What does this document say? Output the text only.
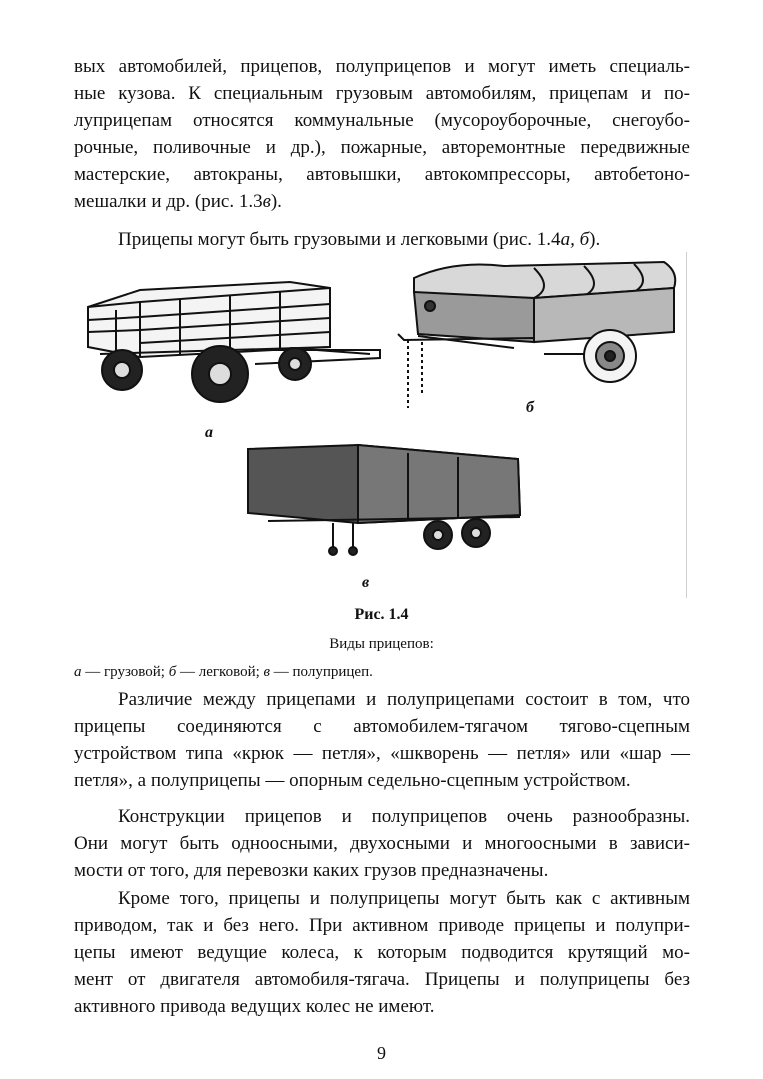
вых автомобилей, прицепов, полуприцепов и могут иметь специаль-
ные кузова. К специальным грузовым автомобилям, прицепам и по-
луприцепам относятся коммунальные (мусороуборочные, снегоубо-
рочные, поливочные и др.), пожарные, авторемонтные передвижные
мастерские, автокраны, автовышки, автокомпрессоры, автобетоно-
мешалки и др. (рис. 1.3в).
Прицепы могут быть грузовыми и легковыми (рис. 1.4а, б).
а
б
в
Рис. 1.4
Виды прицепов:
а — грузовой; б — легковой; в — полуприцеп.
Различие между прицепами и полуприцепами состоит в том, что
прицепы соединяются с автомобилем-тягачом тягово-сцепным
устройством типа «крюк — петля», «шкворень — петля» или «шар —
петля», а полуприцепы — опорным седельно-сцепным устройством.
Конструкции прицепов и полуприцепов очень разнообразны.
Они могут быть одноосными, двухосными и многоосными в зависи-
мости от того, для перевозки каких грузов предназначены.
Кроме того, прицепы и полуприцепы могут быть как с активным
приводом, так и без него. При активном приводе прицепы и полупри-
цепы имеют ведущие колеса, к которым подводится крутящий мо-
мент от двигателя автомобиля-тягача. Прицепы и полуприцепы без
активного привода ведущих колес не имеют.
9
